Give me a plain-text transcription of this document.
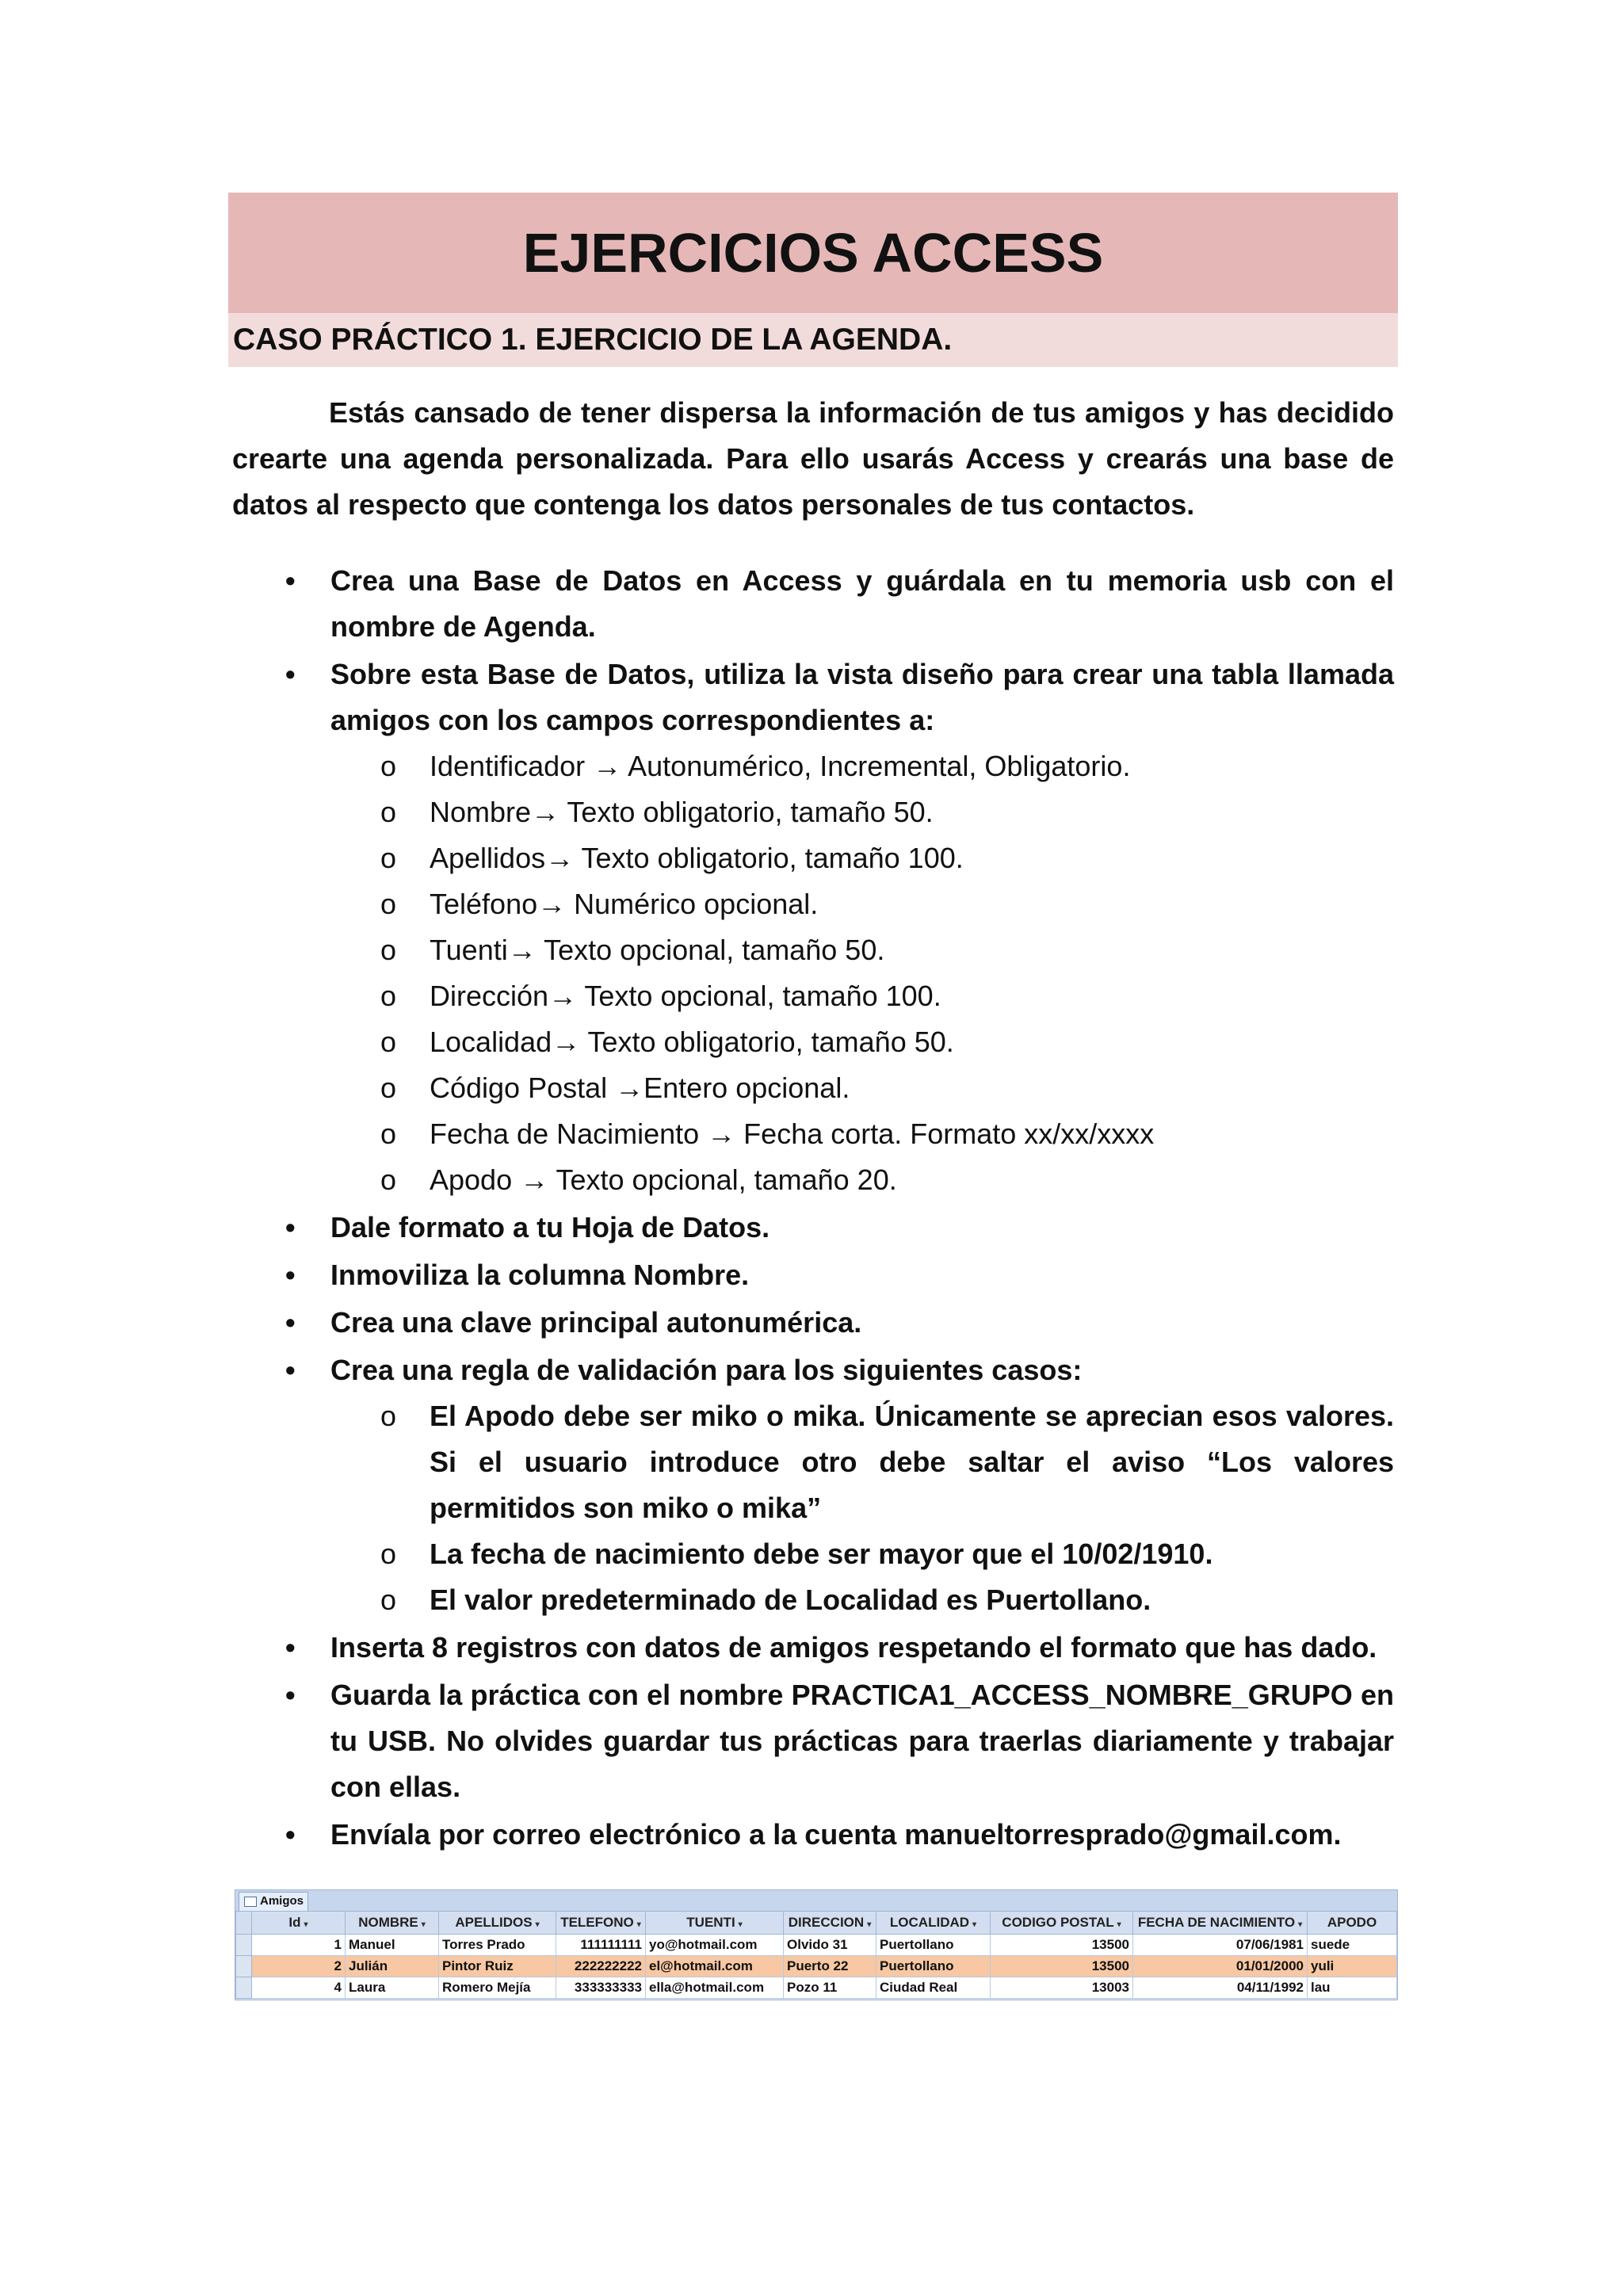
EJERCICIOS ACCESS
CASO PRÁCTICO 1. EJERCICIO DE LA AGENDA.

Estás cansado de tener dispersa la información de tus amigos y has decidido crearte una agenda personalizada. Para ello usarás Access y crearás una base de datos al respecto que contenga los datos personales de tus contactos.

• Crea una Base de Datos en Access y guárdala en tu memoria usb con el nombre de Agenda.
• Sobre esta Base de Datos, utiliza la vista diseño para crear una tabla llamada amigos con los campos correspondientes a:
o Identificador → Autonumérico, Incremental, Obligatorio.
o Nombre→ Texto obligatorio, tamaño 50.
o Apellidos→ Texto obligatorio, tamaño 100.
o Teléfono→ Numérico opcional.
o Tuenti→ Texto opcional, tamaño 50.
o Dirección→ Texto opcional, tamaño 100.
o Localidad→ Texto obligatorio, tamaño 50.
o Código Postal →Entero opcional.
o Fecha de Nacimiento → Fecha corta. Formato xx/xx/xxxx
o Apodo → Texto opcional, tamaño 20.
• Dale formato a tu Hoja de Datos.
• Inmoviliza la columna Nombre.
• Crea una clave principal autonumérica.
• Crea una regla de validación para los siguientes casos:
o El Apodo debe ser miko o mika. Únicamente se aprecian esos valores. Si el usuario introduce otro debe saltar el aviso “Los valores permitidos son miko o mika”
o La fecha de nacimiento debe ser mayor que el 10/02/1910.
o El valor predeterminado de Localidad es Puertollano.
• Inserta 8 registros con datos de amigos respetando el formato que has dado.
• Guarda la práctica con el nombre PRACTICA1_ACCESS_NOMBRE_GRUPO en tu USB. No olvides guardar tus prácticas para traerlas diariamente y trabajar con ellas.
• Envíala por correo electrónico a la cuenta manueltorresprado@gmail.com.
Amigos
	Id ▾	NOMBRE ▾	APELLIDOS ▾	TELEFONO ▾	TUENTI ▾	DIRECCION ▾	LOCALIDAD ▾	CODIGO POSTAL ▾	FECHA DE NACIMIENTO ▾	APODO
	1	Manuel	Torres Prado	111111111	yo@hotmail.com	Olvido 31	Puertollano	13500	07/06/1981	suede
	2	Julián	Pintor Ruiz	222222222	el@hotmail.com	Puerto 22	Puertollano	13500	01/01/2000	yuli
	4	Laura	Romero Mejía	333333333	ella@hotmail.com	Pozo 11	Ciudad Real	13003	04/11/1992	lau
